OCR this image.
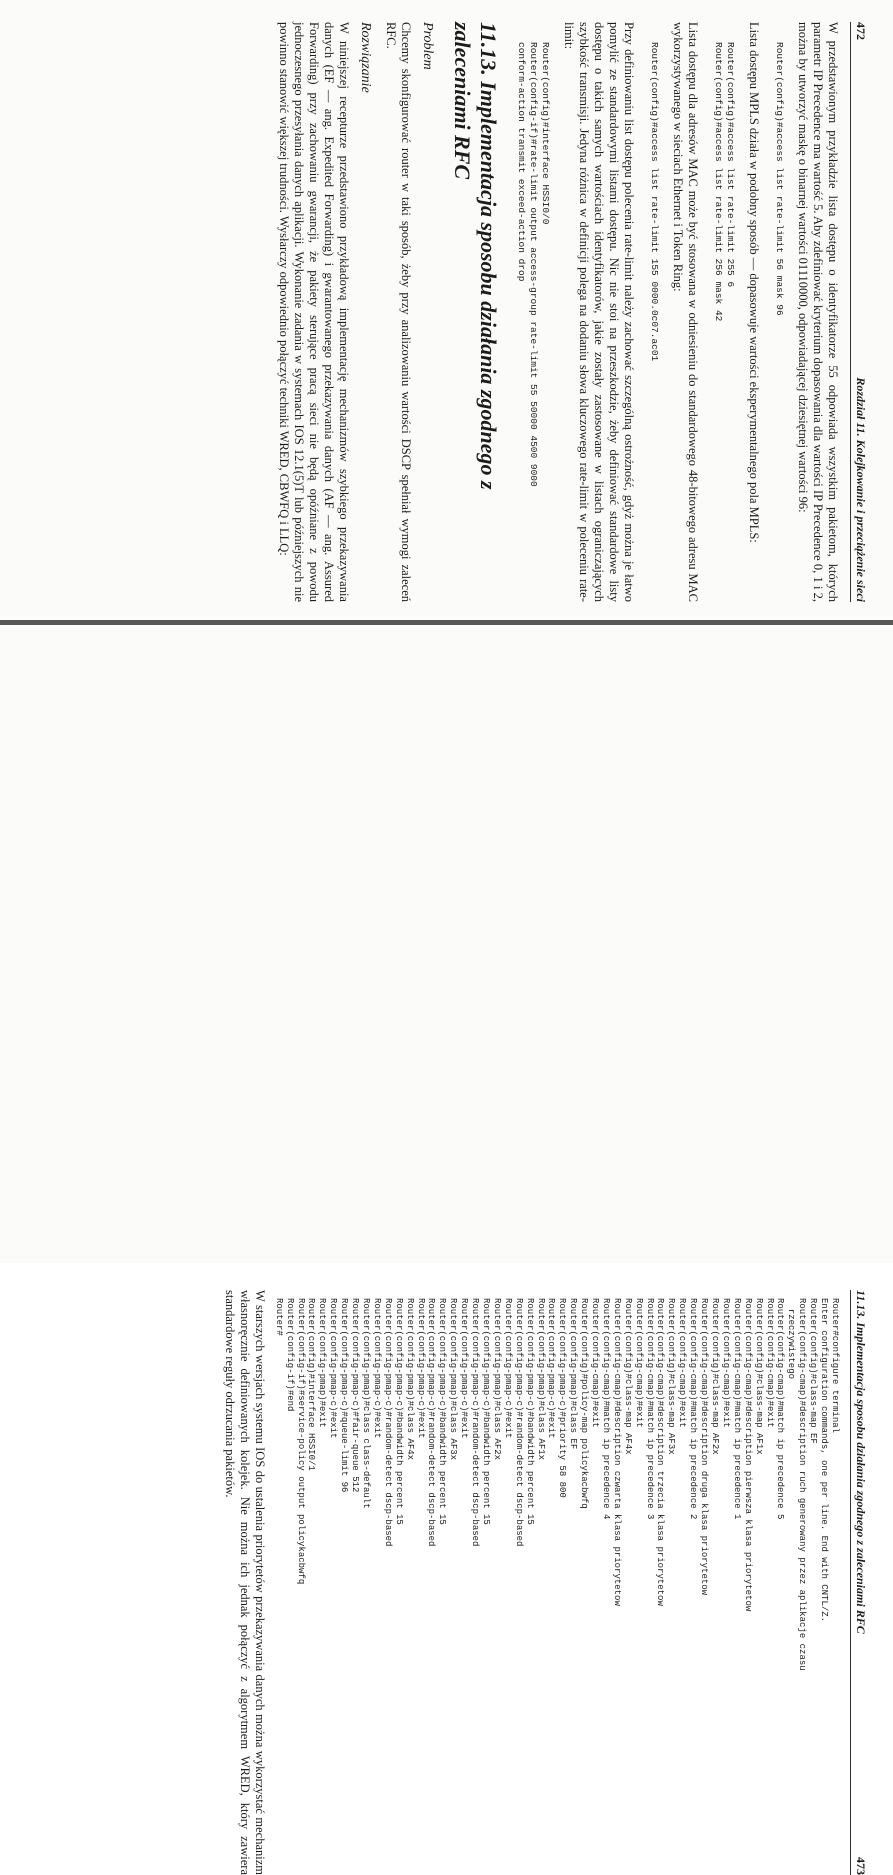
472
Rozdział 11. Kolejkowanie i przeciążenie sieci

W przedstawionym przykładzie lista dostępu o identyfikatorze 55 odpowiada wszystkim pakietom, których parametr IP Precedence ma wartość 5. Aby zdefiniować kryterium dopasowania dla wartości IP Precedence 0, 1 i 2, można by utworzyć maskę o binarnej wartości 01110000, odpowiadającej dziesiętnej wartości 96:

Router(config)#access list rate-limit 56 mask 96

Lista dostępu MPLS działa w podobny sposób — dopasowuje wartości eksperymentalnego pola MPLS:

Router(config)#access list rate-limit 255 6
Router(config)#access list rate-limit 256 mask 42

Lista dostępu dla adresów MAC może być stosowana w odniesieniu do standardowego 48-bitowego adresu MAC wykorzystywanego w sieciach Ethernet i Token Ring:

Router(config)#access list rate-limit 155 0000.0c07.ac01

Przy definiowaniu list dostępu polecenia rate-limit należy zachować szczególną ostrożność, gdyż można je łatwo pomylić ze standardowymi listami dostępu. Nic nie stoi na przeszkodzie, żeby definiować standardowe listy dostępu o takich samych wartościach identyfikatorów, jakie zostały zastosowane w listach ograniczających szybkość transmisji. Jedyna różnica w definicji polega na dodaniu słowa kluczowego rate-limit w poleceniu rate-limit:

Router(config)#interface HSSI0/0
Router(config-if)#rate-limit output access-group rate-limit 55 50000 4500 9000
conform-action transmit exceed-action drop
11.13. Implementacja sposobu działania zgodnego z zaleceniami RFC
Problem

Chcemy skonfigurować router w taki sposób, żeby przy analizowaniu wartości DSCP spełniał wymogi zaleceń RFC.

Rozwiązanie

W niniejszej recepturze przedstawiono przykładową implementację mechanizmów szybkiego przekazywania danych (EF — ang. Expedited Forwarding) i gwarantowanego przekazywania danych (AF — ang. Assured Forwarding) przy zachowaniu gwarancji, że pakiety sterujące pracą sieci nie będą opóźniane z powodu jednoczesnego przesyłania danych aplikacji. Wykonanie zadania w systemach IOS 12.1(5)T lub późniejszych nie powinno stanowić większej trudności. Wysłarczy odpowiednio połączyć techniki WRED, CBWFQ i LLQ:

11.13. Implementacja sposobu działania zgodnego z zaleceniami RFC
473
Router#configure terminal
Enter configuration commands, one per line. End with CNTL/Z.
Router(config)#class-map EF
Router(config-cmap)#description ruch generowany przez aplikacje czasu
rzeczywistego
Router(config-cmap)#match ip precedence 5
Router(config-cmap)#exit
Router(config)#class-map AF1x
Router(config-cmap)#description pierwsza klasa priorytetow
Router(config-cmap)#match ip precedence 1
Router(config-cmap)#exit
Router(config)#class-map AF2x
Router(config-cmap)#description druga klasa priorytetow
Router(config-cmap)#match ip precedence 2
Router(config-cmap)#exit
Router(config)#class-map AF3x
Router(config-cmap)#description trzecia klasa priorytetow
Router(config-cmap)#match ip precedence 3
Router(config-cmap)#exit
Router(config)#class-map AF4x
Router(config-cmap)#description czwarta klasa priorytetow
Router(config-cmap)#match ip precedence 4
Router(config-cmap)#exit
Router(config)#policy-map policykacbwfq
Router(config-pmap)#class EF
Router(config-pmap-c)#priority 58 800
Router(config-pmap-c)#exit
Router(config-pmap)#class AF1x
Router(config-pmap-c)#bandwidth percent 15
Router(config-pmap-c)#random-detect dscp-based
Router(config-pmap-c)#exit
Router(config-pmap)#class AF2x
Router(config-pmap-c)#bandwidth percent 15
Router(config-pmap-c)#random-detect dscp-based
Router(config-pmap-c)#exit
Router(config-pmap)#class AF3x
Router(config-pmap-c)#bandwidth percent 15
Router(config-pmap-c)#random-detect dscp-based
Router(config-pmap-c)#exit
Router(config-pmap)#class AF4x
Router(config-pmap-c)#bandwidth percent 15
Router(config-pmap-c)#random-detect dscp-based
Router(config-pmap-c)#exit
Router(config-pmap)#class class-default
Router(config-pmap-c)#fair-queue 512
Router(config-pmap-c)#queue-limit 96
Router(config-pmap-c)#exit
Router(config-pmap)#exit
Router(config)#interface HSSI0/1
Router(config-if)#service-policy output policykacbwfq
Router(config-if)#end
Router#

W starszych wersjach systemu IOS do ustalenia priorytetów przekazywania danych można wykorzystać mechanizm własnoręcznie definiowanych kolejek. Nie można ich jednak połączyć z algorytmem WRED, który zawiera standardowe reguły odrzucania pakietów.
